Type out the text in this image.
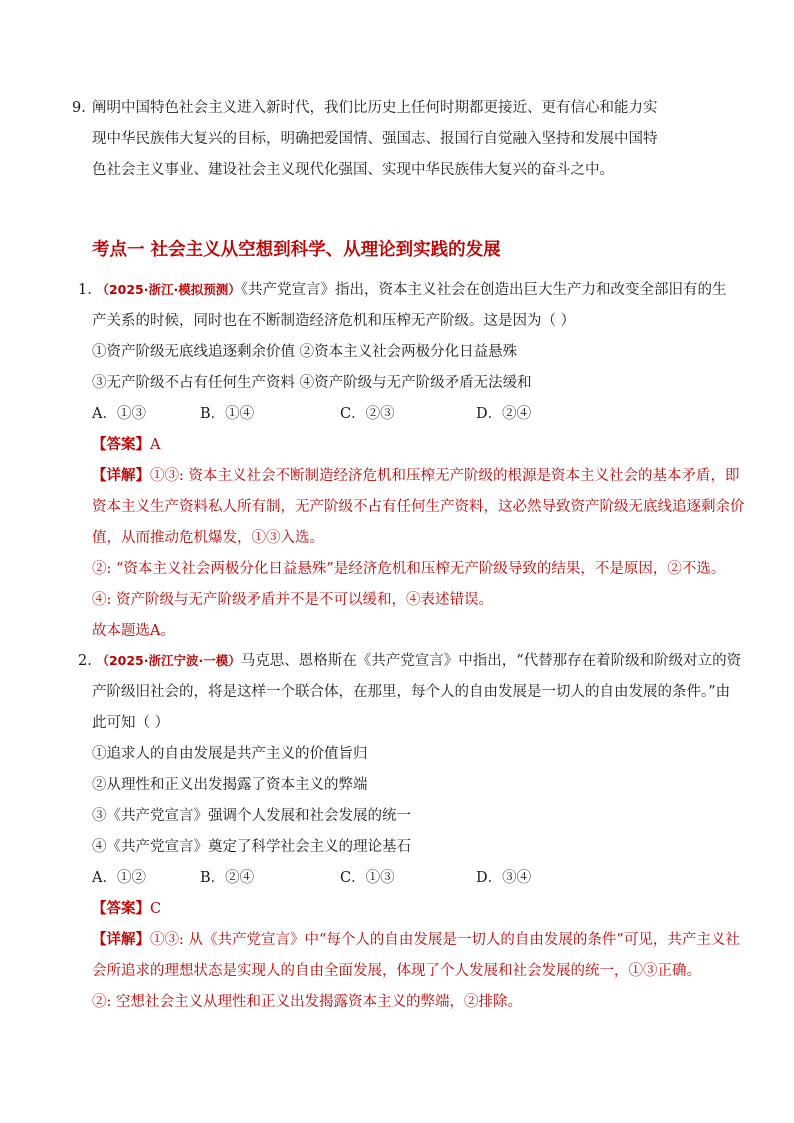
9. 阐明中国特色社会主义进入新时代，我们比历史上任何时期都更接近、更有信心和能力实
现中华民族伟大复兴的目标，明确把爱国情、强国志、报国行自觉融入坚持和发展中国特
色社会主义事业、建设社会主义现代化强国、实现中华民族伟大复兴的奋斗之中。
考点一 社会主义从空想到科学、从理论到实践的发展
1. （2025·浙江·模拟预测）《共产党宣言》指出，资本主义社会在创造出巨大生产力和改变全部旧有的生
产关系的时候，同时也在不断制造经济危机和压榨无产阶级。这是因为（ ）
①资产阶级无底线追逐剩余价值 ②资本主义社会两极分化日益悬殊
③无产阶级不占有任何生产资料 ④资产阶级与无产阶级矛盾无法缓和
A．①③	B．①④	C．②③	D．②④
【答案】A
【详解】①③: 资本主义社会不断制造经济危机和压榨无产阶级的根源是资本主义社会的基本矛盾，即
资本主义生产资料私人所有制，无产阶级不占有任何生产资料，这必然导致资产阶级无底线追逐剩余价
值，从而推动危机爆发，①③入选。
②: “资本主义社会两极分化日益悬殊”是经济危机和压榨无产阶级导致的结果，不是原因，②不选。
④: 资产阶级与无产阶级矛盾并不是不可以缓和，④表述错误。
故本题选A。
2. （2025·浙江宁波·一模）马克思、恩格斯在《共产党宣言》中指出，“代替那存在着阶级和阶级对立的资
产阶级旧社会的，将是这样一个联合体，在那里，每个人的自由发展是一切人的自由发展的条件。”由
此可知（ ）
①追求人的自由发展是共产主义的价值旨归
②从理性和正义出发揭露了资本主义的弊端
③《共产党宣言》强调个人发展和社会发展的统一
④《共产党宣言》奠定了科学社会主义的理论基石
A．①②	B．②④	C．①③	D．③④
【答案】C
【详解】①③: 从《共产党宣言》中“每个人的自由发展是一切人的自由发展的条件”可见，共产主义社
会所追求的理想状态是实现人的自由全面发展，体现了个人发展和社会发展的统一，①③正确。
②: 空想社会主义从理性和正义出发揭露资本主义的弊端，②排除。
